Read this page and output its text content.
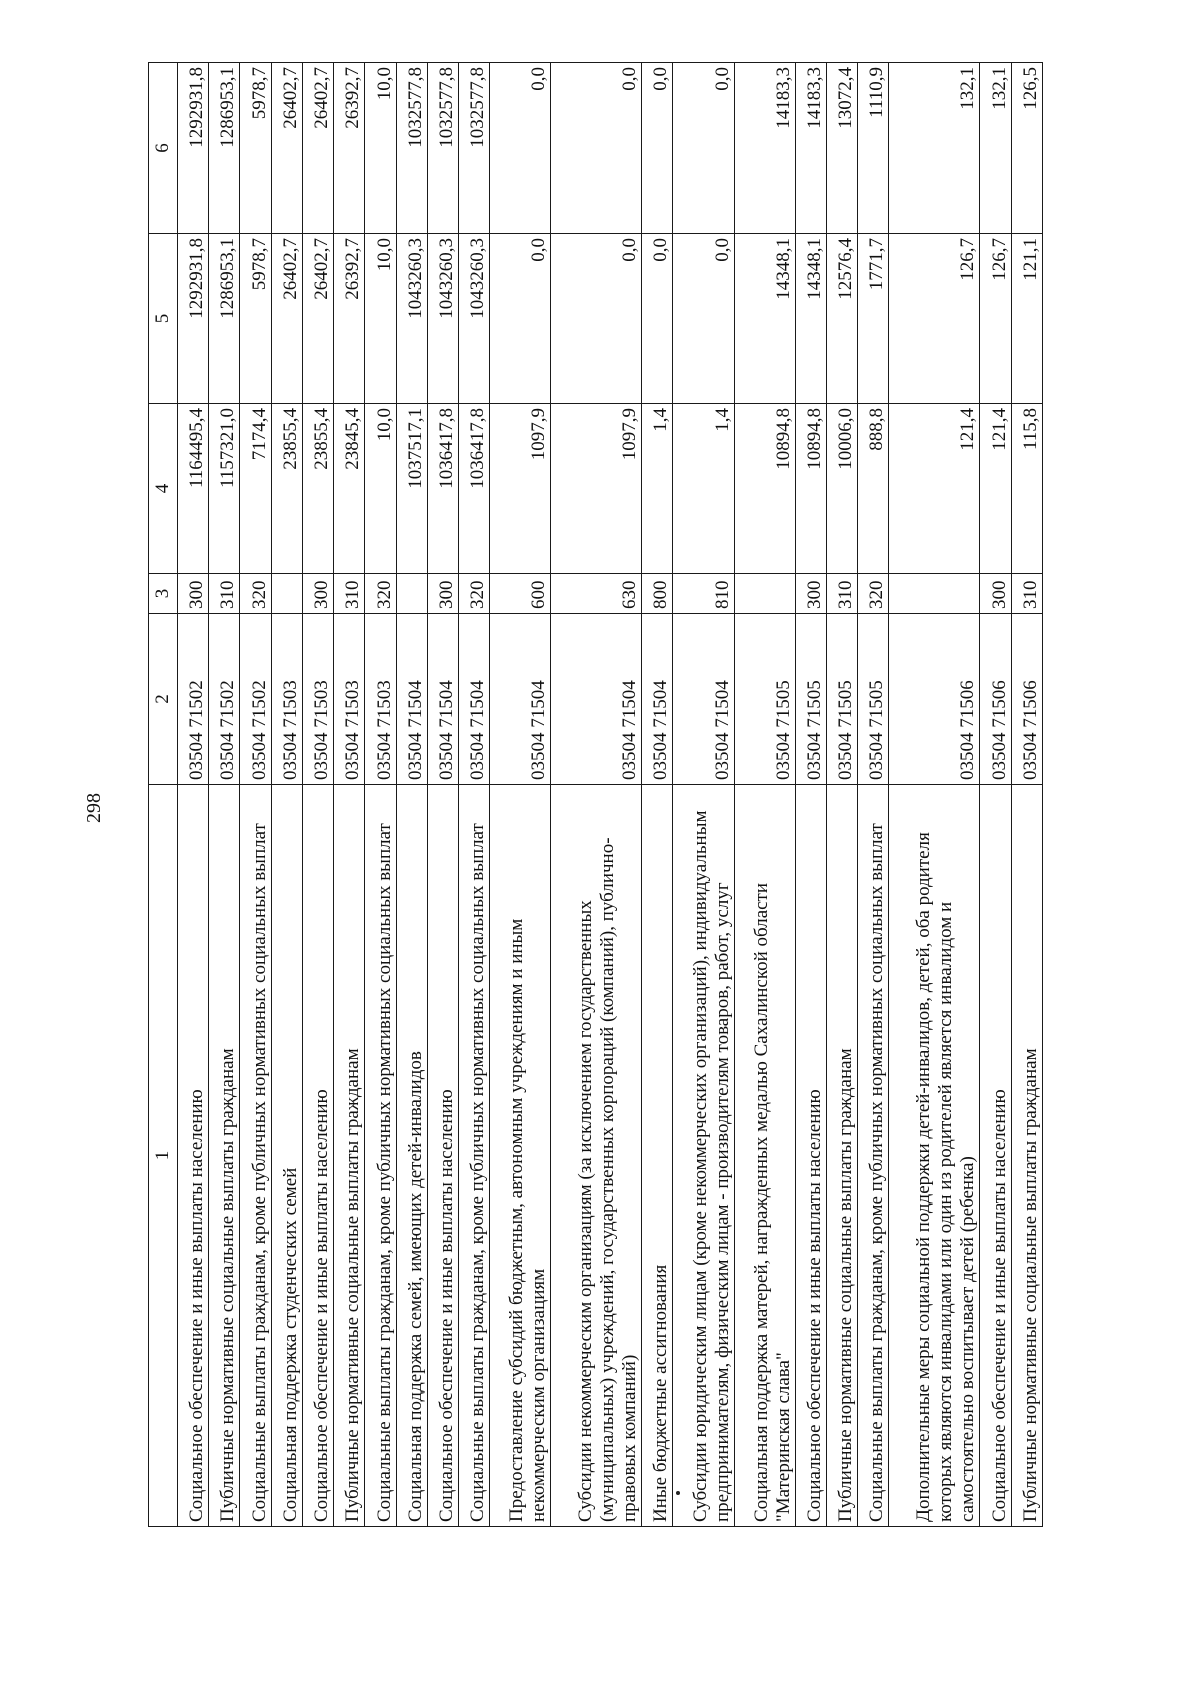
298
1	2	3	4	5	6
Социальное обеспечение и иные выплаты населению	03504 71502	300	1164495,4	1292931,8	1292931,8
Публичные нормативные социальные выплаты гражданам	03504 71502	310	1157321,0	1286953,1	1286953,1
Социальные выплаты гражданам, кроме публичных нормативных социальных выплат	03504 71502	320	7174,4	5978,7	5978,7
Социальная поддержка студенческих семей	03504 71503		23855,4	26402,7	26402,7
Социальное обеспечение и иные выплаты населению	03504 71503	300	23855,4	26402,7	26402,7
Публичные нормативные социальные выплаты гражданам	03504 71503	310	23845,4	26392,7	26392,7
Социальные выплаты гражданам, кроме публичных нормативных социальных выплат	03504 71503	320	10,0	10,0	10,0
Социальная поддержка семей, имеющих детей-инвалидов	03504 71504		1037517,1	1043260,3	1032577,8
Социальное обеспечение и иные выплаты населению	03504 71504	300	1036417,8	1043260,3	1032577,8
Социальные выплаты гражданам, кроме публичных нормативных социальных выплат	03504 71504	320	1036417,8	1043260,3	1032577,8
Предоставление субсидий бюджетным, автономным учреждениям и иным некоммерческим организациям	03504 71504	600	1097,9	0,0	0,0
Субсидии некоммерческим организациям (за исключением государственных (муниципальных) учреждений, государственных корпораций (компаний), публично-правовых компаний)	03504 71504	630	1097,9	0,0	0,0
Иные бюджетные ассигнования	03504 71504	800	1,4	0,0	0,0
Субсидии юридическим лицам (кроме некоммерческих организаций), индивидуальным предпринимателям, физическим лицам - производителям товаров, работ, услуг	03504 71504	810	1,4	0,0	0,0
Социальная поддержка матерей, награжденных медалью Сахалинской области "Материнская слава"	03504 71505		10894,8	14348,1	14183,3
Социальное обеспечение и иные выплаты населению	03504 71505	300	10894,8	14348,1	14183,3
Публичные нормативные социальные выплаты гражданам	03504 71505	310	10006,0	12576,4	13072,4
Социальные выплаты гражданам, кроме публичных нормативных социальных выплат	03504 71505	320	888,8	1771,7	1110,9
Дополнительные меры социальной поддержки детей-инвалидов, детей, оба родителя которых являются инвалидами или один из родителей является инвалидом и самостоятельно воспитывает детей (ребенка)	03504 71506		121,4	126,7	132,1
Социальное обеспечение и иные выплаты населению	03504 71506	300	121,4	126,7	132,1
Публичные нормативные социальные выплаты гражданам	03504 71506	310	115,8	121,1	126,5
